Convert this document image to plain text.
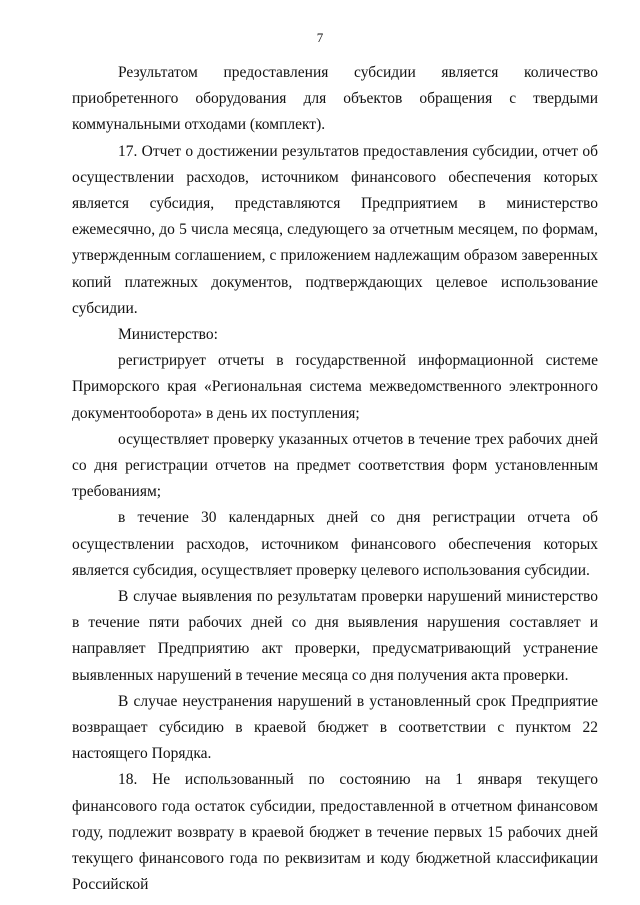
7

Результатом предоставления субсидии является количество приобретенного оборудования для объектов обращения с твердыми коммунальными отходами (комплект).

17. Отчет о достижении результатов предоставления субсидии, отчет об осуществлении расходов, источником финансового обеспечения которых является субсидия, представляются Предприятием в министерство ежемесячно, до 5 числа месяца, следующего за отчетным месяцем, по формам, утвержденным соглашением, с приложением надлежащим образом заверенных копий платежных документов, подтверждающих целевое использование субсидии.

Министерство:

регистрирует отчеты в государственной информационной системе Приморского края «Региональная система межведомственного электронного документооборота» в день их поступления;

осуществляет проверку указанных отчетов в течение трех рабочих дней со дня регистрации отчетов на предмет соответствия форм установленным требованиям;

в течение 30 календарных дней со дня регистрации отчета об осуществлении расходов, источником финансового обеспечения которых является субсидия, осуществляет проверку целевого использования субсидии.

В случае выявления по результатам проверки нарушений министерство в течение пяти рабочих дней со дня выявления нарушения составляет и направляет Предприятию акт проверки, предусматривающий устранение выявленных нарушений в течение месяца со дня получения акта проверки.

В случае неустранения нарушений в установленный срок Предприятие возвращает субсидию в краевой бюджет в соответствии с пунктом 22 настоящего Порядка.

18. Не использованный по состоянию на 1 января текущего финансового года остаток субсидии, предоставленной в отчетном финансовом году, подлежит возврату в краевой бюджет в течение первых 15 рабочих дней текущего финансового года по реквизитам и коду бюджетной классификации Российской
